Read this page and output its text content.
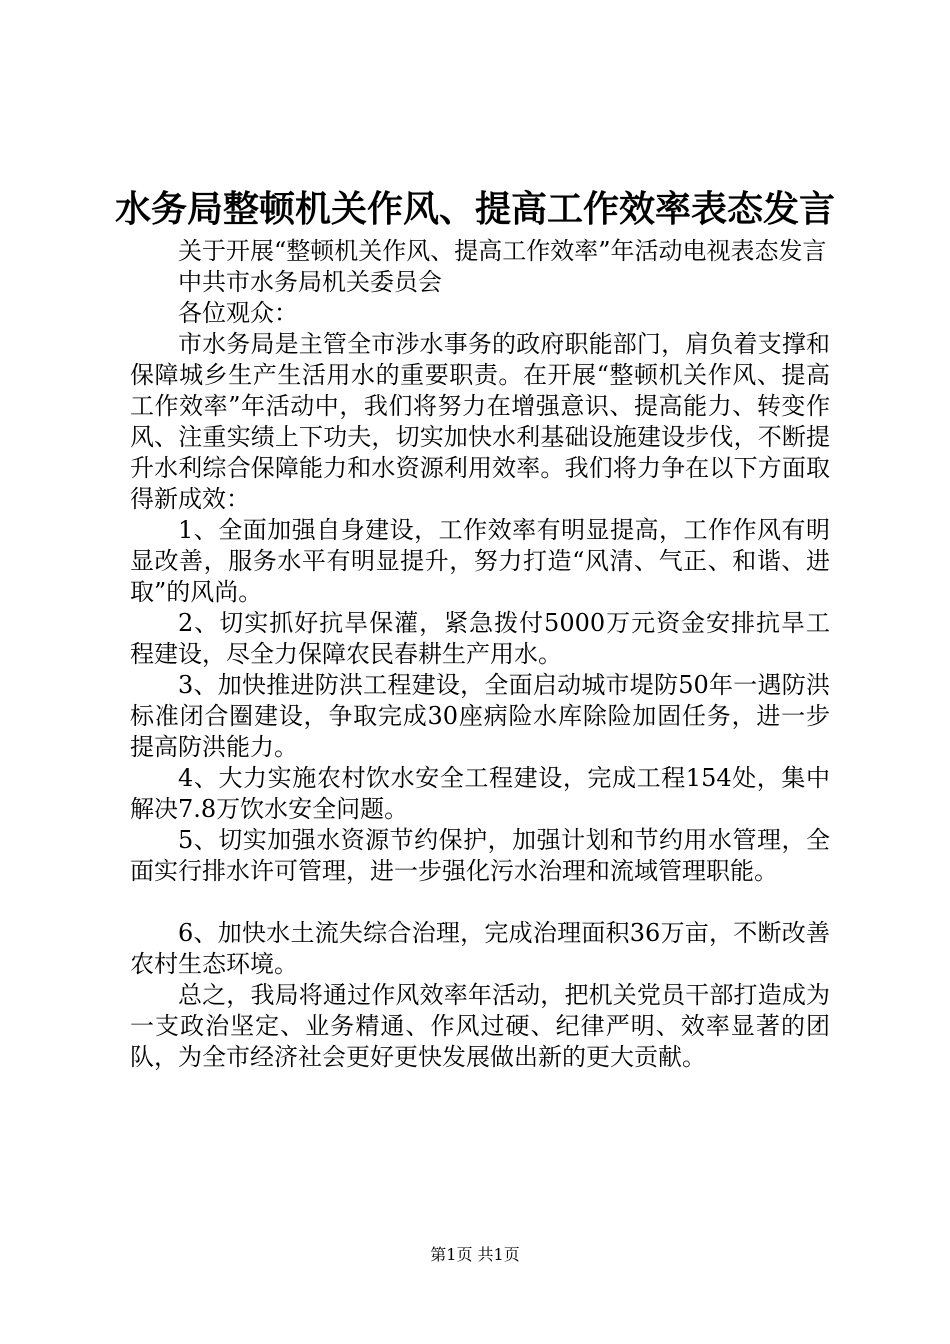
水务局整顿机关作风、提高工作效率表态发言

关于开展“整顿机关作风、提高工作效率”年活动电视表态发言

中共市水务局机关委员会

各位观众：

市水务局是主管全市涉水事务的政府职能部门，肩负着支撑和保障城乡生产生活用水的重要职责。在开展“整顿机关作风、提高工作效率”年活动中，我们将努力在增强意识、提高能力、转变作风、注重实绩上下功夫，切实加快水利基础设施建设步伐，不断提升水利综合保障能力和水资源利用效率。我们将力争在以下方面取得新成效：

1、全面加强自身建设，工作效率有明显提高，工作作风有明显改善，服务水平有明显提升，努力打造“风清、气正、和谐、进取”的风尚。

2、切实抓好抗旱保灌，紧急拨付5000万元资金安排抗旱工程建设，尽全力保障农民春耕生产用水。

3、加快推进防洪工程建设，全面启动城市堤防50年一遇防洪标准闭合圈建设，争取完成30座病险水库除险加固任务，进一步提高防洪能力。

4、大力实施农村饮水安全工程建设，完成工程154处，集中解决7.8万饮水安全问题。

5、切实加强水资源节约保护，加强计划和节约用水管理，全面实行排水许可管理，进一步强化污水治理和流域管理职能。

6、加快水土流失综合治理，完成治理面积36万亩，不断改善农村生态环境。

总之，我局将通过作风效率年活动，把机关党员干部打造成为一支政治坚定、业务精通、作风过硬、纪律严明、效率显著的团队，为全市经济社会更好更快发展做出新的更大贡献。

第1页 共1页
